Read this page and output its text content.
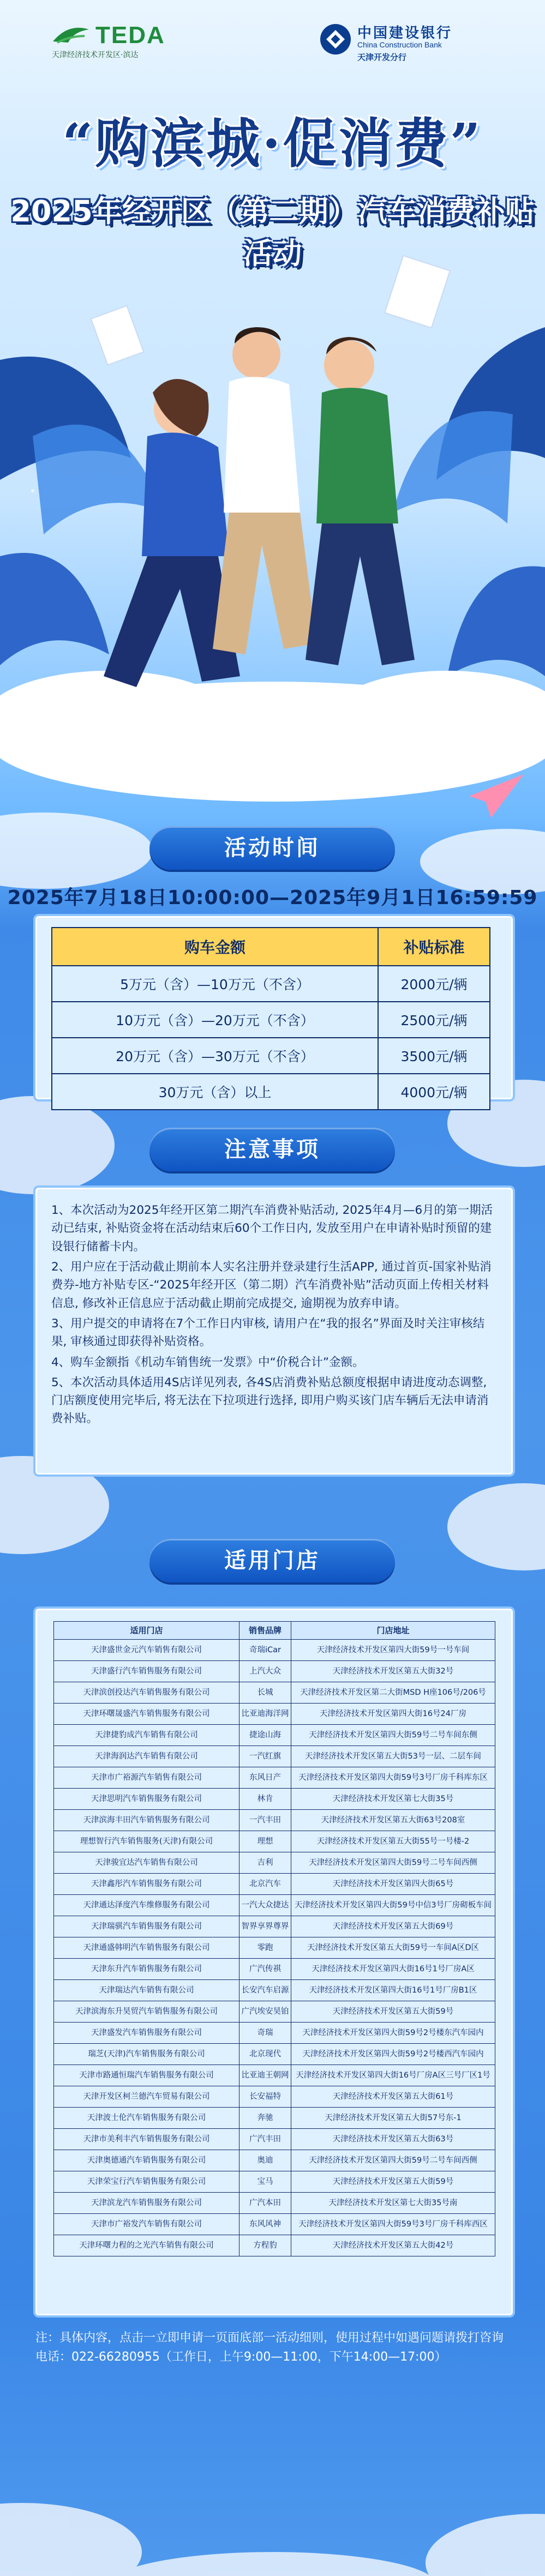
TEDA
天津经济技术开发区·滨达
中国建设银行
China Construction Bank
天津开发分行
“购滨城·促消费”
2025年经开区（第二期）汽车消费补贴活动
活动时间
2025年7月18日10:00:00—2025年9月1日16:59:59
购车金额	补贴标准
5万元（含）—10万元（不含）	2000元/辆
10万元（含）—20万元（不含）	2500元/辆
20万元（含）—30万元（不含）	3500元/辆
30万元（含）以上	4000元/辆
注意事项

1、本次活动为2025年经开区第二期汽车消费补贴活动, 2025年4月—6月的第一期活动已结束, 补贴资金将在活动结束后60个工作日内, 发放至用户在申请补贴时预留的建设银行储蓄卡内。

2、用户应在于活动截止期前本人实名注册并登录建行生活APP, 通过首页-国家补贴消费券-地方补贴专区-“2025年经开区（第二期）汽车消费补贴”活动页面上传相关材料信息, 修改补正信息应于活动截止期前完成提交, 逾期视为放弃申请。

3、用户提交的申请将在7个工作日内审核, 请用户在“我的报名”界面及时关注审核结果, 审核通过即获得补贴资格。

4、购车金额指《机动车销售统一发票》中“价税合计”金额。

5、本次活动具体适用4S店详见列表, 各4S店消费补贴总额度根据申请进度动态调整, 门店额度使用完毕后, 将无法在下拉项进行选择, 即用户购买该门店车辆后无法申请消费补贴。

适用门店
适用门店	销售品牌	门店地址
天津盛世金元汽车销售有限公司	奇瑞iCar	天津经济技术开发区第四大街59号一号车间
天津盛行汽车销售服务有限公司	上汽大众	天津经济技术开发区第五大街32号
天津滨创投达汽车销售服务有限公司	长城	天津经济技术开发区第二大街MSD H座106号/206号
天津环曙晟盛汽车销售服务有限公司	比亚迪海洋网	天津经济技术开发区第四大街16号24厂房
天津捷豹成汽车销售有限公司	捷途山海	天津经济技术开发区第四大街59号二号车间东侧
天津海润达汽车销售有限公司	一汽红旗	天津经济技术开发区第五大街53号一层、二层车间
天津市广裕源汽车销售有限公司	东风日产	天津经济技术开发区第四大街59号3号厂房千科库东区
天津思明汽车销售服务有限公司	林肯	天津经济技术开发区第七大街35号
天津滨海丰田汽车销售服务有限公司	一汽丰田	天津经济技术开发区第五大街63号208室
理想智行汽车销售服务(天津)有限公司	理想	天津经济技术开发区第五大街55号一号楼-2
天津骏宜达汽车销售有限公司	吉利	天津经济技术开发区第四大街59号二号车间西侧
天津鑫彤汽车销售服务有限公司	北京汽车	天津经济技术开发区第四大街65号
天津通达泽度汽车维修服务有限公司	一汽大众捷达	天津经济技术开发区第四大街59号中信3号厂房砌板车间
天津瑞骐汽车销售服务有限公司	智界享界尊界	天津经济技术开发区第五大街69号
天津通盛韩明汽车销售服务有限公司	零跑	天津经济技术开发区第五大街59号一车间A区D区
天津东升汽车销售服务有限公司	广汽传祺	天津经济技术开发区第四大街16号1号厂房A区
天津瑞达汽车销售有限公司	长安汽车启源	天津经济技术开发区第四大街16号1号厂房B1区
天津滨海东升昊贸汽车销售服务有限公司	广汽埃安昊铂	天津经济技术开发区第五大街59号
天津盛发汽车销售服务有限公司	奇瑞	天津经济技术开发区第四大街59号2号楼东汽车园内
瑞芝(天津)汽车销售服务有限公司	北京现代	天津经济技术开发区第四大街59号2号楼西汽车园内
天津市路通恒瑞汽车销售服务有限公司	比亚迪王朝网	天津经济技术开发区第四大街16号厂房A区三号厂区1号
天津开发区柯兰德汽车贸易有限公司	长安福特	天津经济技术开发区第五大街61号
天津波士伦汽车销售服务有限公司	奔驰	天津经济技术开发区第五大街57号东-1
天津市美利丰汽车销售服务有限公司	广汽丰田	天津经济技术开发区第五大街63号
天津奥德通汽车销售服务有限公司	奥迪	天津经济技术开发区第四大街59号二号车间西侧
天津荣宝行汽车销售服务有限公司	宝马	天津经济技术开发区第五大街59号
天津滨龙汽车销售服务有限公司	广汽本田	天津经济技术开发区第七大街35号南
天津市广裕发汽车销售有限公司	东风风神	天津经济技术开发区第四大街59号3号厂房千科库西区
天津环曙力程的之光汽车销售有限公司	方程豹	天津经济技术开发区第五大街42号
注：具体内容，点击一立即申请一页面底部一活动细则，使用过程中如遇问题请拨打咨询电话：022-66280955（工作日，上午9:00—11:00，下午14:00—17:00）
